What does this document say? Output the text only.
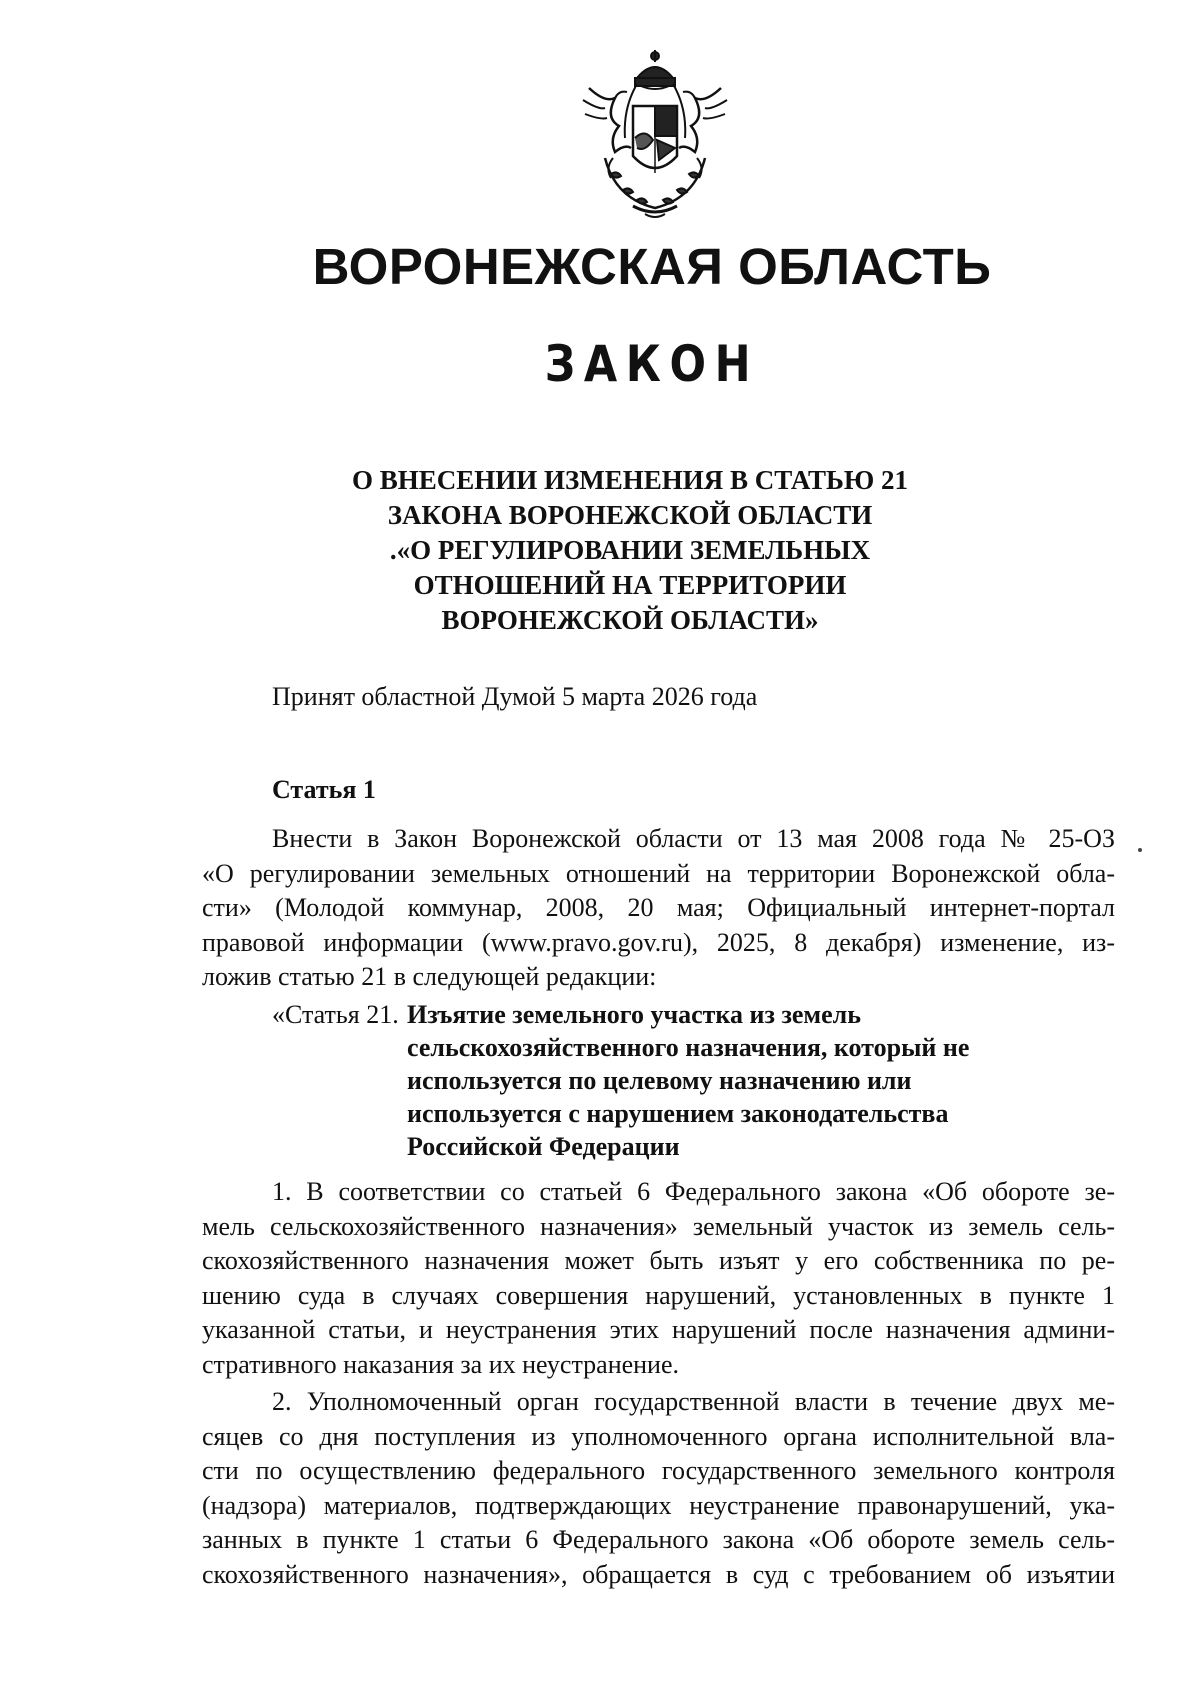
ВОРОНЕЖСКАЯ ОБЛАСТЬ
ЗАКОН
О ВНЕСЕНИИ ИЗМЕНЕНИЯ В СТАТЬЮ 21
ЗАКОНА ВОРОНЕЖСКОЙ ОБЛАСТИ
.«О РЕГУЛИРОВАНИИ ЗЕМЕЛЬНЫХ
ОТНОШЕНИЙ НА ТЕРРИТОРИИ
ВОРОНЕЖСКОЙ ОБЛАСТИ»
Принят областной Думой 5 марта 2026 года
Статья 1
Внести в Закон Воронежской области от 13 мая 2008 года № 25-ОЗ
«О регулировании земельных отношений на территории Воронежской обла-
сти» (Молодой коммунар, 2008, 20 мая; Официальный интернет-портал
правовой информации (www.pravo.gov.ru), 2025, 8 декабря) изменение, из-
ложив статью 21 в следующей редакции:
«Статья 21. Изъятие земельного участка из земель
сельскохозяйственного назначения, который не
используется по целевому назначению или
используется с нарушением законодательства
Российской Федерации
1. В соответствии со статьей 6 Федерального закона «Об обороте зе-
мель сельскохозяйственного назначения» земельный участок из земель сель-
скохозяйственного назначения может быть изъят у его собственника по ре-
шению суда в случаях совершения нарушений, установленных в пункте 1
указанной статьи, и неустранения этих нарушений после назначения админи-
стративного наказания за их неустранение.
2. Уполномоченный орган государственной власти в течение двух ме-
сяцев со дня поступления из уполномоченного органа исполнительной вла-
сти по осуществлению федерального государственного земельного контроля
(надзора) материалов, подтверждающих неустранение правонарушений, ука-
занных в пункте 1 статьи 6 Федерального закона «Об обороте земель сель-
скохозяйственного назначения», обращается в суд с требованием об изъятии
